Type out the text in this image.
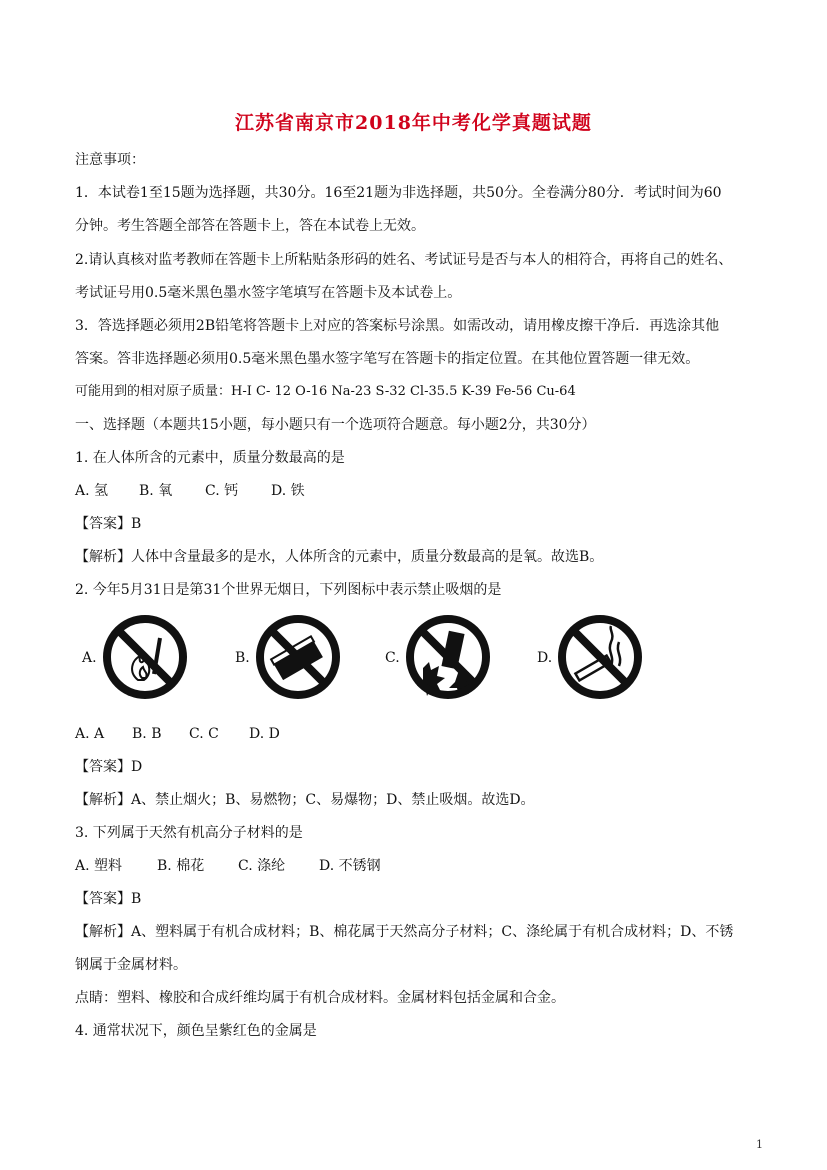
江苏省南京市2018年中考化学真题试题
注意事项：
1．本试卷1至15题为选择题，共30分。16至21题为非选择题，共50分。全卷满分80分．考试时间为60
分钟。考生答题全部答在答题卡上，答在本试卷上无效。
2.请认真核对监考教师在答题卡上所粘贴条形码的姓名、考试证号是否与本人的相符合，再将自己的姓名、
考试证号用0.5毫米黑色墨水签字笔填写在答题卡及本试卷上。
3．答选择题必须用2B铅笔将答题卡上对应的答案标号涂黑。如需改动，请用橡皮擦干净后．再选涂其他
答案。答非选择题必须用0.5毫米黑色墨水签字笔写在答题卡的指定位置。在其他位置答题一律无效。
可能用到的相对原子质量：H-I C- 12 O-16 Na-23 S-32 Cl-35.5 K-39 Fe-56 Cu-64
一、选择题（本题共15小题，每小题只有一个选项符合题意。每小题2分，共30分）
1. 在人体所含的元素中，质量分数最高的是
A. 氢 B. 氧 C. 钙 D. 铁
【答案】B
【解析】人体中含量最多的是水，人体所含的元素中，质量分数最高的是氧。故选B。
2. 今年5月31日是第31个世界无烟日，下列图标中表示禁止吸烟的是
A.	B.	C.	D.
A. A B. B C. C D. D
【答案】D
【解析】A、禁止烟火；B、易燃物；C、易爆物；D、禁止吸烟。故选D。
3. 下列属于天然有机高分子材料的是
A. 塑料 B. 棉花 C. 涤纶 D. 不锈钢
【答案】B
【解析】A、塑料属于有机合成材料；B、棉花属于天然高分子材料；C、涤纶属于有机合成材料；D、不锈
钢属于金属材料。
点睛：塑料、橡胶和合成纤维均属于有机合成材料。金属材料包括金属和合金。
4. 通常状况下，颜色呈紫红色的金属是
1
